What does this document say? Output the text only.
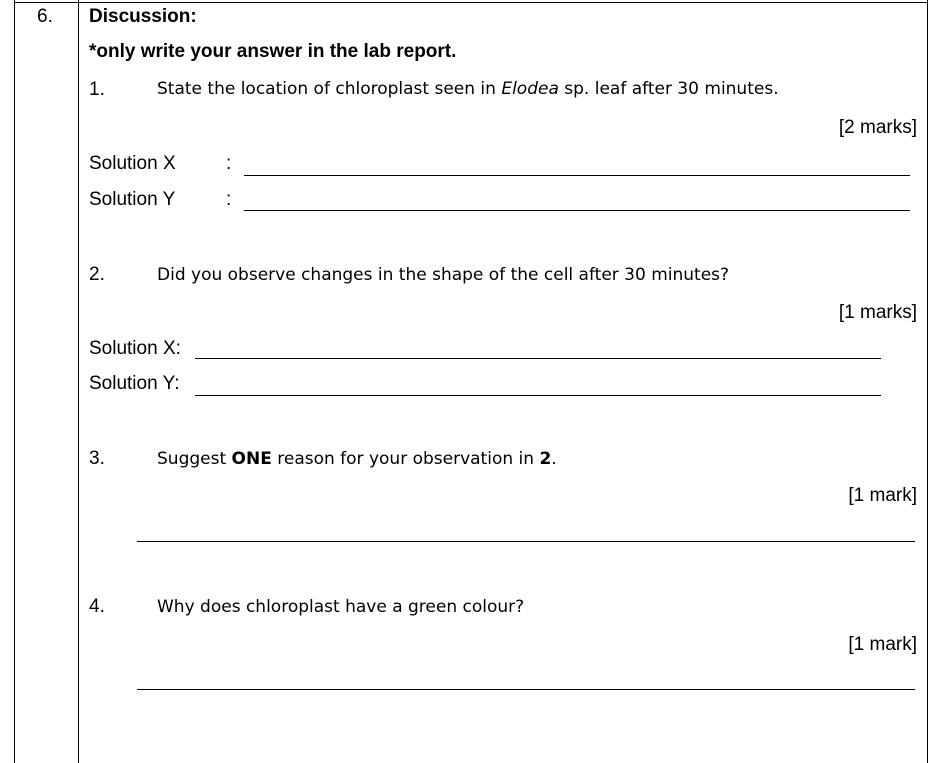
6. Discussion:
*only write your answer in the lab report.
1.	State the location of chloroplast seen in Elodea sp. leaf after 30 minutes.
[2 marks]
Solution X	:
Solution Y	:
2.	Did you observe changes in the shape of the cell after 30 minutes?
[1 marks]
Solution X:
Solution Y:
3.	Suggest ONE reason for your observation in 2.
[1 mark]
4.	Why does chloroplast have a green colour?
[1 mark]
